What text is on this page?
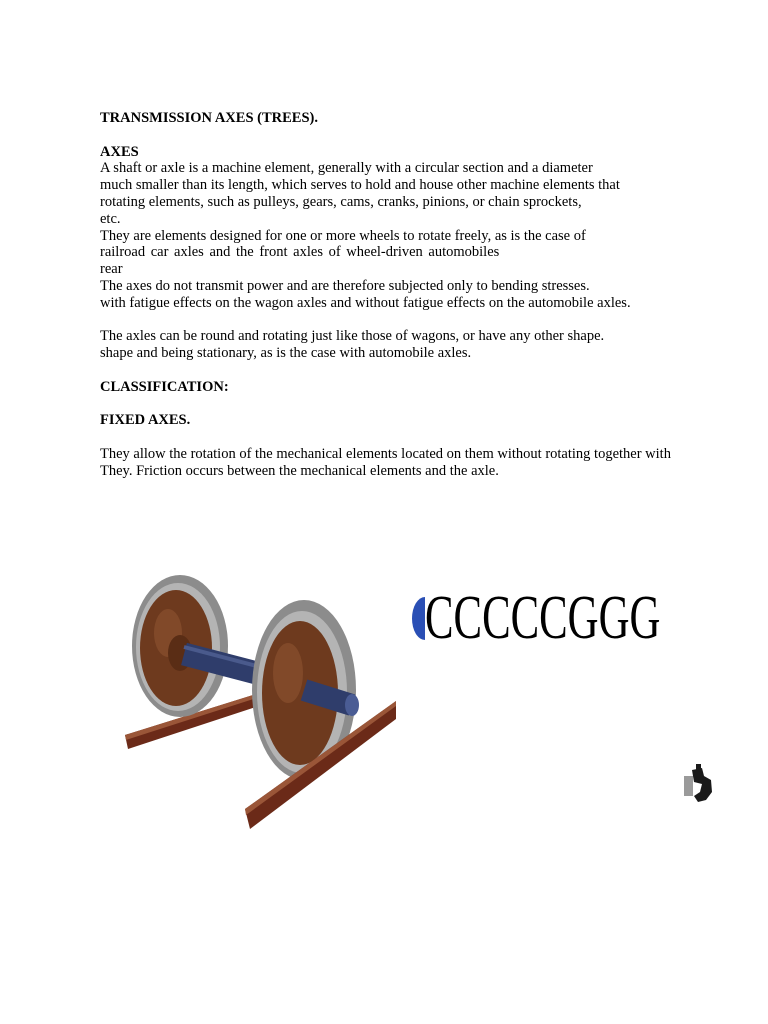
TRANSMISSION AXES (TREES).
AXES
A shaft or axle is a machine element, generally with a circular section and a diameter
much smaller than its length, which serves to hold and house other machine elements that
rotating elements, such as pulleys, gears, cams, cranks, pinions, or chain sprockets,
etc.
They are elements designed for one or more wheels to rotate freely, as is the case of
railroad car axles and the front axles of wheel-driven automobiles
rear
The axes do not transmit power and are therefore subjected only to bending stresses.
with fatigue effects on the wagon axles and without fatigue effects on the automobile axles.
The axles can be round and rotating just like those of wagons, or have any other shape.
shape and being stationary, as is the case with automobile axles.
CLASSIFICATION:
FIXED AXES.
They allow the rotation of the mechanical elements located on them without rotating together with
They. Friction occurs between the mechanical elements and the axle.
CCCCCGGG
